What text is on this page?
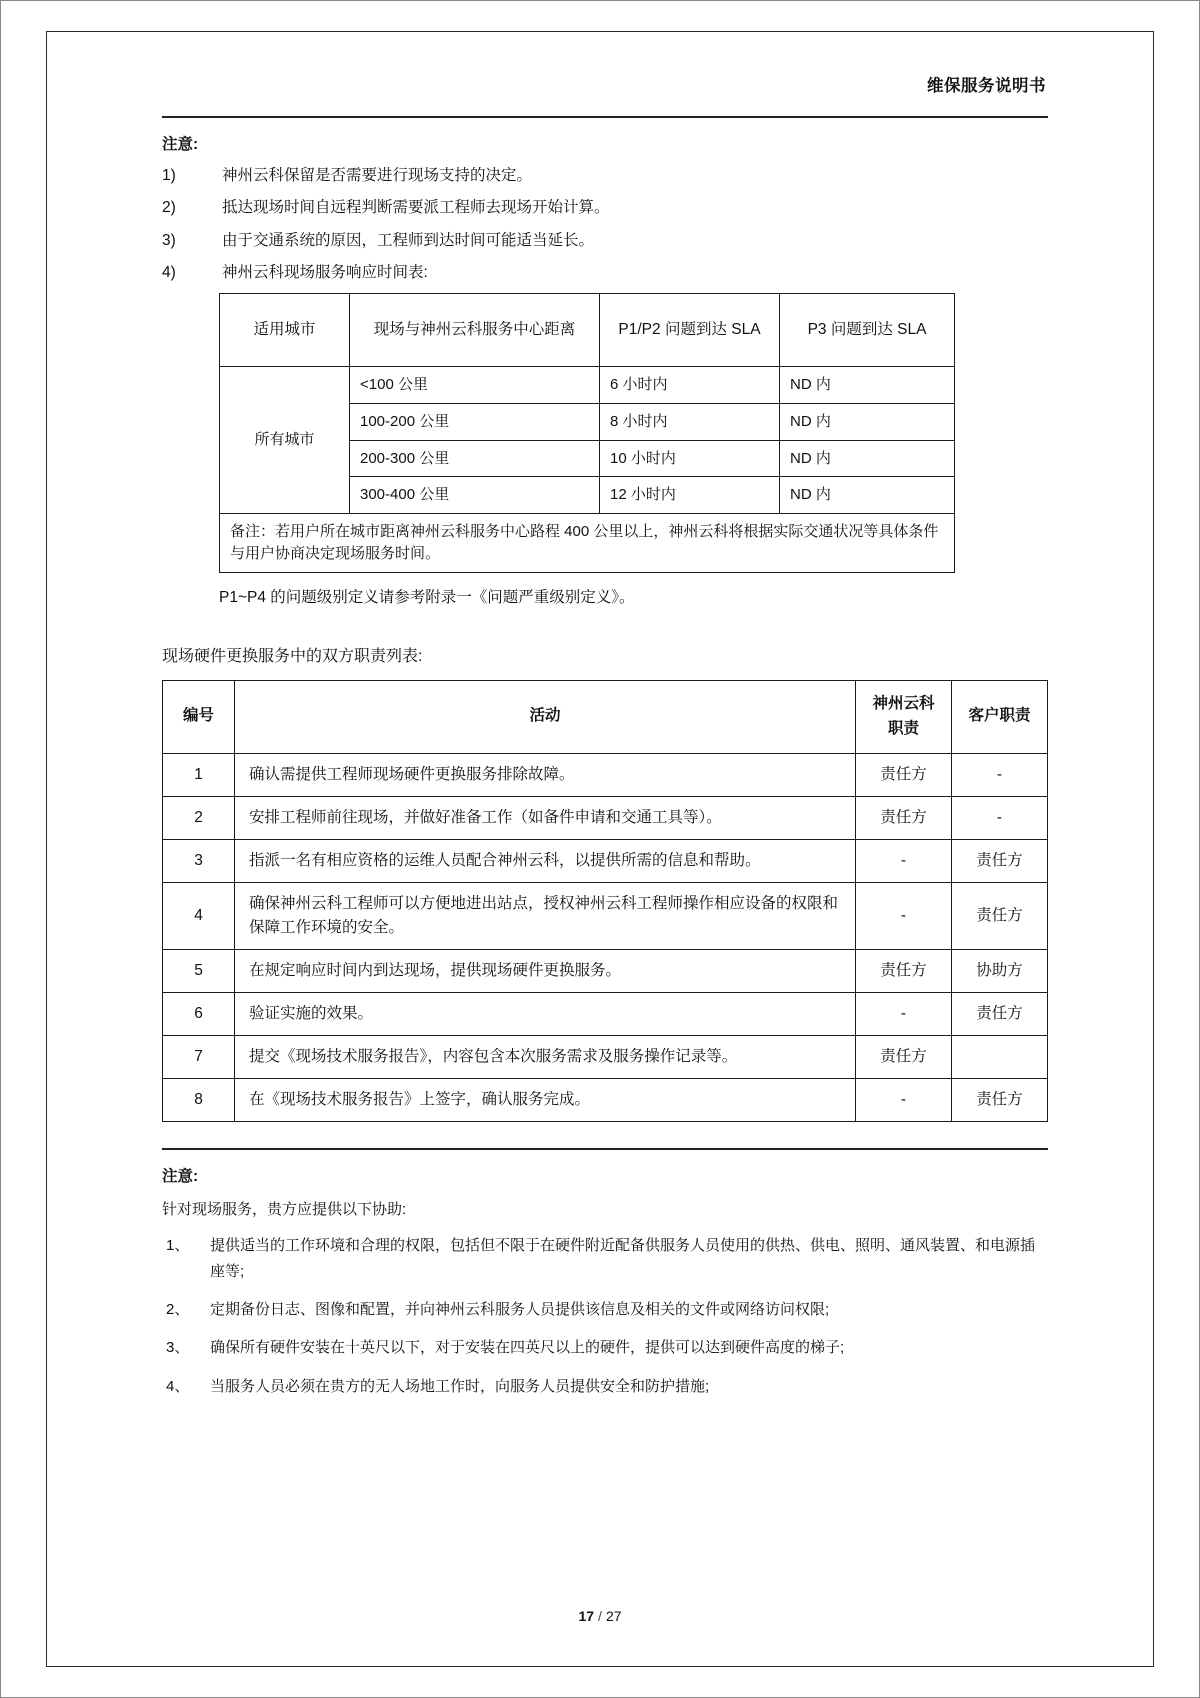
维保服务说明书
注意:
1)	神州云科保留是否需要进行现场支持的决定。
2)	抵达现场时间自远程判断需要派工程师去现场开始计算。
3)	由于交通系统的原因，工程师到达时间可能适当延长。
4)	神州云科现场服务响应时间表:
适用城市	现场与神州云科服务中心距离	P1/P2 问题到达 SLA	P3 问题到达 SLA
所有城市	<100 公里	6 小时内	ND 内
	100-200 公里	8 小时内	ND 内
	200-300 公里	10 小时内	ND 内
	300-400 公里	12 小时内	ND 内
备注：若用户所在城市距离神州云科服务中心路程 400 公里以上，神州云科将根据实际交通状况等具体条件与用户协商决定现场服务时间。			
P1~P4 的问题级别定义请参考附录一《问题严重级别定义》。
现场硬件更换服务中的双方职责列表:
编号	活动	神州云科职责	客户职责
1	确认需提供工程师现场硬件更换服务排除故障。	责任方	-
2	安排工程师前往现场，并做好准备工作（如备件申请和交通工具等）。	责任方	-
3	指派一名有相应资格的运维人员配合神州云科，以提供所需的信息和帮助。	-	责任方
4	确保神州云科工程师可以方便地进出站点，授权神州云科工程师操作相应设备的权限和保障工作环境的安全。	-	责任方
5	在规定响应时间内到达现场，提供现场硬件更换服务。	责任方	协助方
6	验证实施的效果。	-	责任方
7	提交《现场技术服务报告》，内容包含本次服务需求及服务操作记录等。	责任方	
8	在《现场技术服务报告》上签字，确认服务完成。	-	责任方
注意:
针对现场服务，贵方应提供以下协助:
1、	提供适当的工作环境和合理的权限，包括但不限于在硬件附近配备供服务人员使用的供热、供电、照明、通风装置、和电源插座等;
2、	定期备份日志、图像和配置，并向神州云科服务人员提供该信息及相关的文件或网络访问权限;
3、	确保所有硬件安装在十英尺以下，对于安装在四英尺以上的硬件，提供可以达到硬件高度的梯子;
4、	当服务人员必须在贵方的无人场地工作时，向服务人员提供安全和防护措施;
17 / 27
